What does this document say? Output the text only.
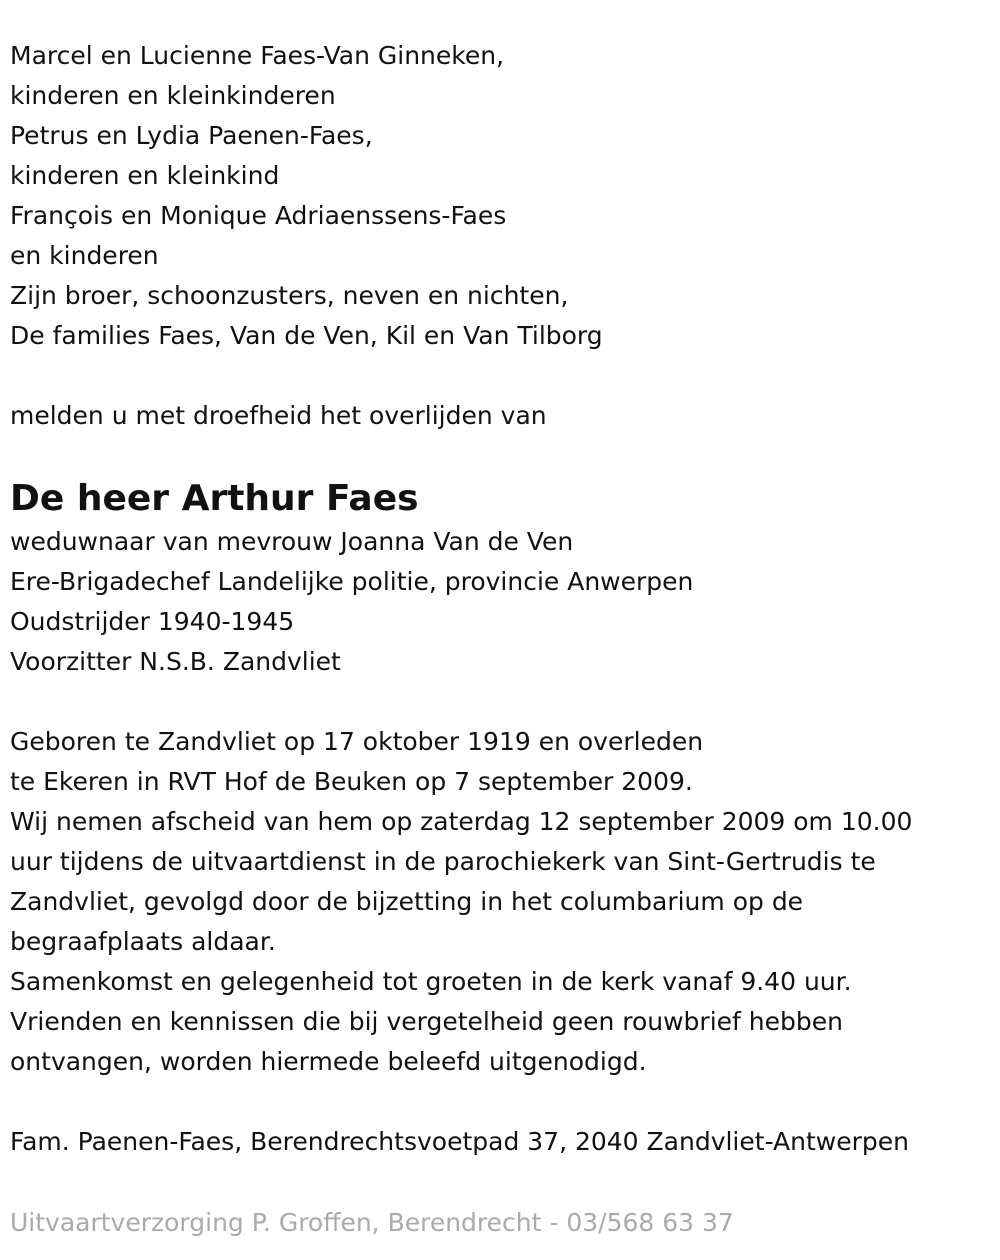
Marcel en Lucienne Faes-Van Ginneken,
kinderen en kleinkinderen
Petrus en Lydia Paenen-Faes,
kinderen en kleinkind
François en Monique Adriaenssens-Faes
en kinderen
Zijn broer, schoonzusters, neven en nichten,
De families Faes, Van de Ven, Kil en Van Tilborg
melden u met droefheid het overlijden van
De heer Arthur Faes
weduwnaar van mevrouw Joanna Van de Ven
Ere-Brigadechef Landelijke politie, provincie Anwerpen
Oudstrijder 1940-1945
Voorzitter N.S.B. Zandvliet
Geboren te Zandvliet op 17 oktober 1919 en overleden
te Ekeren in RVT Hof de Beuken op 7 september 2009.
Wij nemen afscheid van hem op zaterdag 12 september 2009 om 10.00
uur tijdens de uitvaartdienst in de parochiekerk van Sint-Gertrudis te
Zandvliet, gevolgd door de bijzetting in het columbarium op de
begraafplaats aldaar.
Samenkomst en gelegenheid tot groeten in de kerk vanaf 9.40 uur.
Vrienden en kennissen die bij vergetelheid geen rouwbrief hebben
ontvangen, worden hiermede beleefd uitgenodigd.
Fam. Paenen-Faes, Berendrechtsvoetpad 37, 2040 Zandvliet-Antwerpen
Uitvaartverzorging P. Groffen, Berendrecht - 03/568 63 37
